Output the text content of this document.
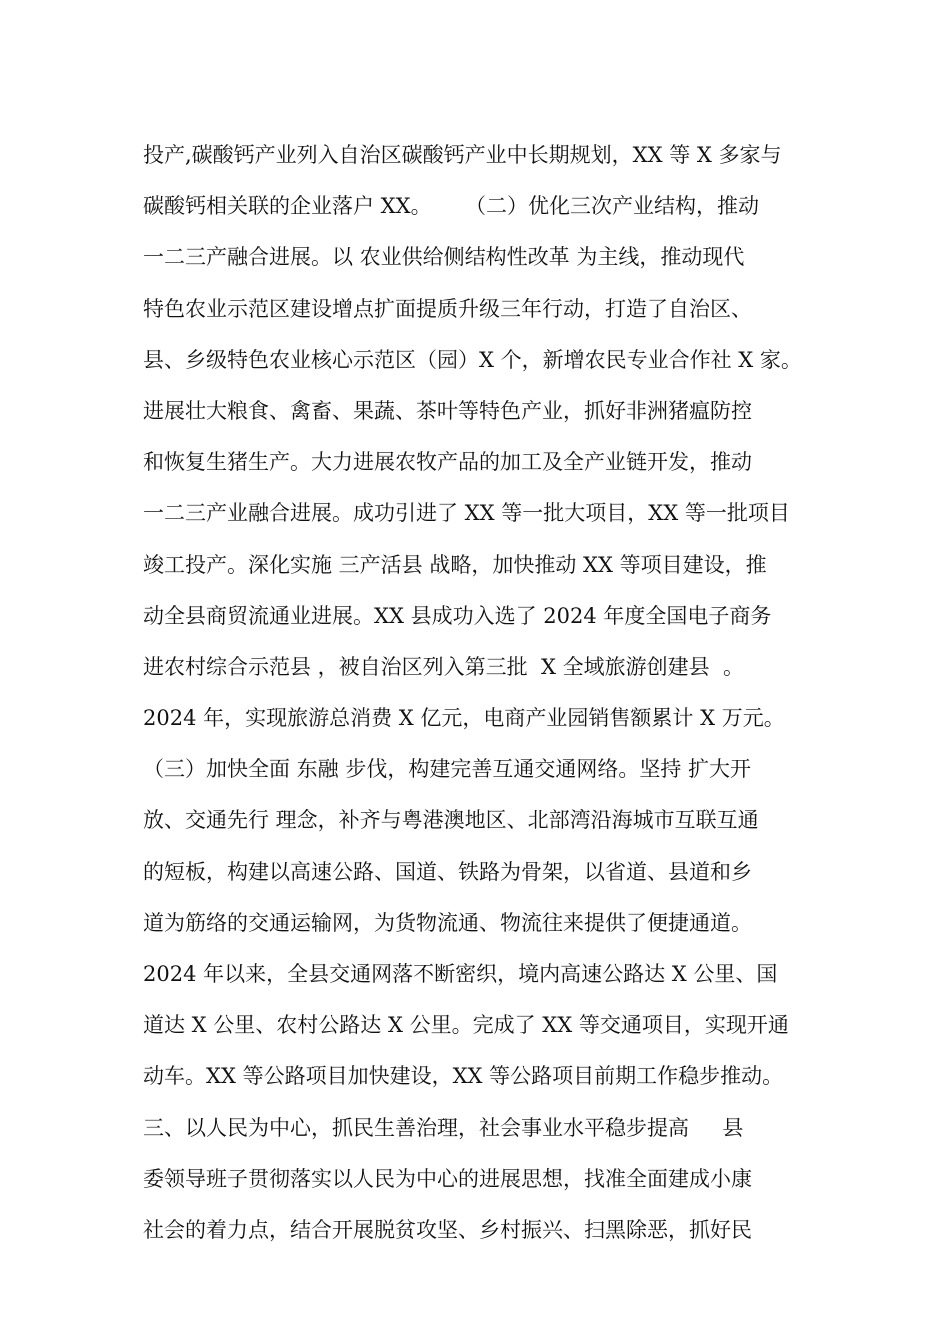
投产,碳酸钙产业列入自治区碳酸钙产业中长期规划，XX 等 X 多家与
碳酸钙相关联的企业落户 XX。     （二）优化三次产业结构，推动
一二三产融合进展。以 农业供给侧结构性改革 为主线，推动现代
特色农业示范区建设增点扩面提质升级三年行动，打造了自治区、
县、乡级特色农业核心示范区（园）X 个，新增农民专业合作社 X 家。
进展壮大粮食、禽畜、果蔬、茶叶等特色产业，抓好非洲猪瘟防控
和恢复生猪生产。大力进展农牧产品的加工及全产业链开发，推动
一二三产业融合进展。成功引进了 XX 等一批大项目，XX 等一批项目
竣工投产。深化实施 三产活县 战略，加快推动 XX 等项目建设，推
动全县商贸流通业进展。XX 县成功入选了 2024 年度全国电子商务
进农村综合示范县 ，被自治区列入第三批  X 全域旅游创建县  。
2024 年，实现旅游总消费 X 亿元，电商产业园销售额累计 X 万元。
（三）加快全面 东融 步伐，构建完善互通交通网络。坚持 扩大开
放、交通先行 理念，补齐与粤港澳地区、北部湾沿海城市互联互通
的短板，构建以高速公路、国道、铁路为骨架，以省道、县道和乡
道为筋络的交通运输网，为货物流通、物流往来提供了便捷通道。
2024 年以来，全县交通网落不断密织，境内高速公路达 X 公里、国
道达 X 公里、农村公路达 X 公里。完成了 XX 等交通项目，实现开通
动车。XX 等公路项目加快建设，XX 等公路项目前期工作稳步推动。
三、以人民为中心，抓民生善治理，社会事业水平稳步提高     县
委领导班子贯彻落实以人民为中心的进展思想，找准全面建成小康
社会的着力点，结合开展脱贫攻坚、乡村振兴、扫黑除恶，抓好民
